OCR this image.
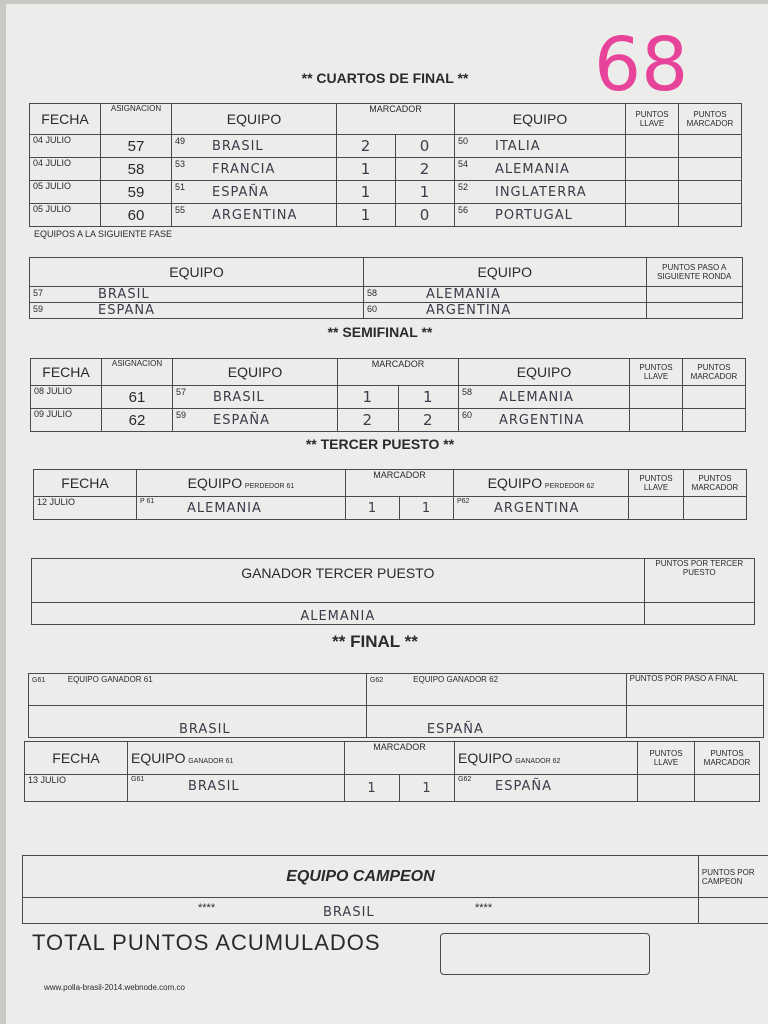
68
** CUARTOS DE FINAL **
FECHA	ASIGNACION	EQUIPO	MARCADOR		EQUIPO	PUNTOS LLAVE	PUNTOS MARCADOR
04 JULIO	57	49 BRASIL	2	0	50 ITALIA		

04 JULIO	58	53 FRANCIA	1	2	54 ALEMANIA		

05 JULIO	59	51 ESPAÑA	1	1	52 INGLATERRA		

05 JULIO	60	55 ARGENTINA	1	0	56 PORTUGAL		

EQUIPOS A LA SIGUIENTE FASE
EQUIPO	EQUIPO	PUNTOS PASO A SIGUIENTE RONDA

57 BRASIL	58 ALEMANIA	

59 ESPAÑA	60 ARGENTINA	

** SEMIFINAL **
FECHA	ASIGNACION	EQUIPO	MARCADOR		EQUIPO	PUNTOS LLAVE	PUNTOS MARCADOR
08 JULIO	61	57 BRASIL	1	1	58 ALEMANIA		

09 JULIO	62	59 ESPAÑA	2	2	60 ARGENTINA		

** TERCER PUESTO **
FECHA	EQUIPO PERDEDOR 61	MARCADOR		EQUIPO PERDEDOR 62	PUNTOS LLAVE	PUNTOS MARCADOR
12 JULIO	P 61 ALEMANIA	1	1	P62 ARGENTINA		

GANADOR TERCER PUESTO	PUNTOS POR TERCER PUESTO
ALEMANIA	
** FINAL **
G61 EQUIPO GANADOR 61	G62 EQUIPO GANADOR 62	PUNTOS POR PASO A FINAL
BRASIL	ESPAÑA	
FECHA	EQUIPO GANADOR 61	MARCADOR		EQUIPO GANADOR 62	PUNTOS LLAVE	PUNTOS MARCADOR
13 JULIO	G61 BRASIL	1	1	G62 ESPAÑA		

EQUIPO CAMPEON	PUNTOS POR CAMPEON

**** BRASIL ****	

TOTAL PUNTOS ACUMULADOS
www.polla-brasil-2014.webnode.com.co
